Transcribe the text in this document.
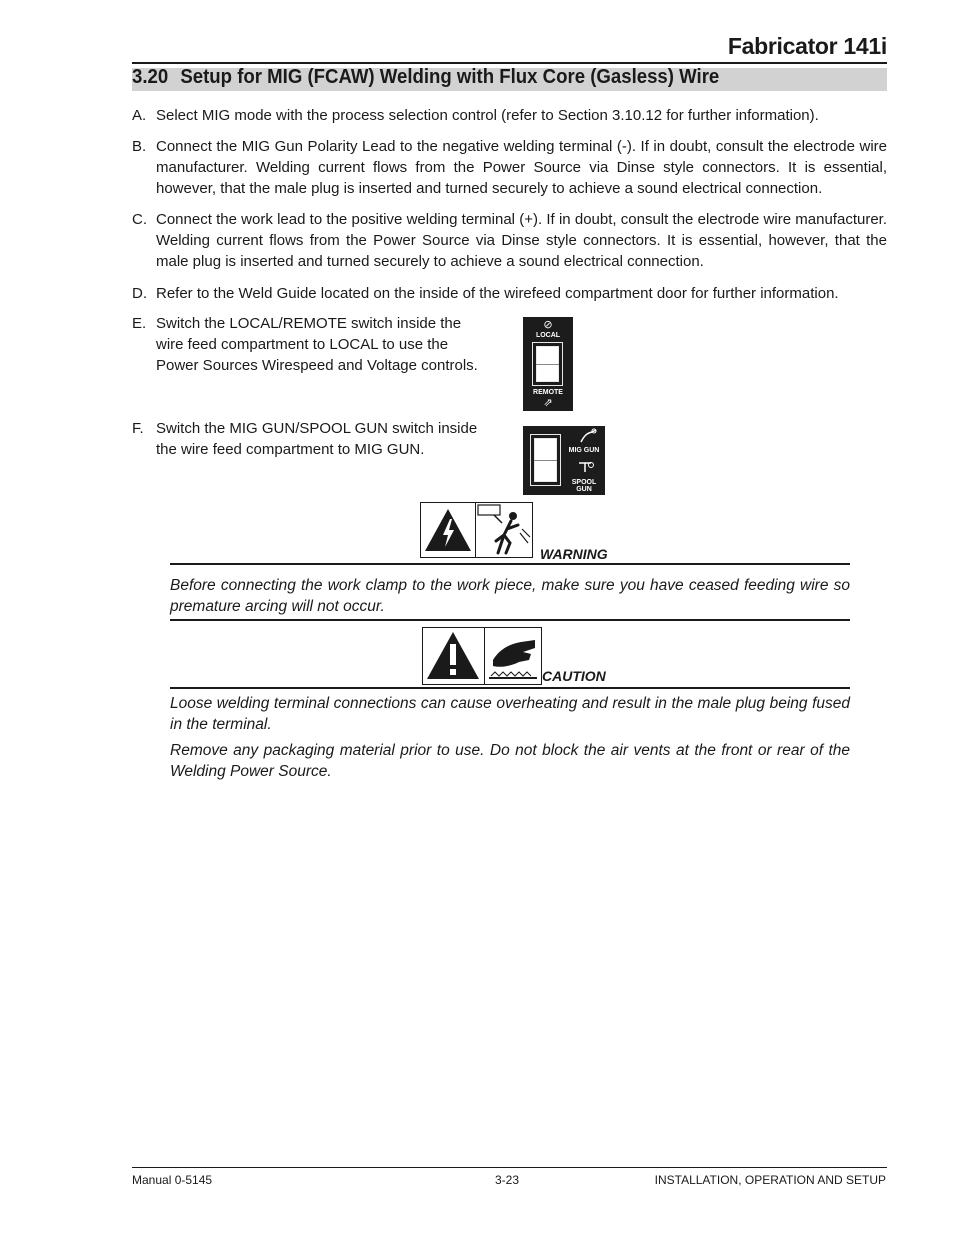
Fabricator 141i
3.20 Setup for MIG (FCAW) Welding with Flux Core (Gasless) Wire
A. Select MIG mode with the process selection control (refer to Section 3.10.12 for further information).
B. Connect the MIG Gun Polarity Lead to the negative welding terminal (-). If in doubt, consult the electrode wire manufacturer. Welding current flows from the Power Source via Dinse style connectors. It is essential, however, that the male plug is inserted and turned securely to achieve a sound electrical connection.
C. Connect the work lead to the positive welding terminal (+). If in doubt, consult the electrode wire manufacturer. Welding current flows from the Power Source via Dinse style connectors. It is essential, however, that the male plug is inserted and turned securely to achieve a sound electrical connection.
D. Refer to the Weld Guide located on the inside of the wirefeed compartment door for further information.
E. Switch the LOCAL/REMOTE switch inside the wire feed compartment to LOCAL to use the Power Sources Wirespeed and Voltage controls.
F. Switch the MIG GUN/SPOOL GUN switch inside the wire feed compartment to MIG GUN.
⊘
LOCAL
REMOTE
⇗
MIG GUN
SPOOL
GUN
WARNING
Before connecting the work clamp to the work piece, make sure you have ceased feeding wire so premature arcing will not occur.
CAUTION
Loose welding terminal connections can cause overheating and result in the male plug being fused in the terminal.
Remove any packaging material prior to use. Do not block the air vents at the front or rear of the Welding Power Source.
Manual 0-5145	3-23	INSTALLATION, OPERATION AND SETUP
